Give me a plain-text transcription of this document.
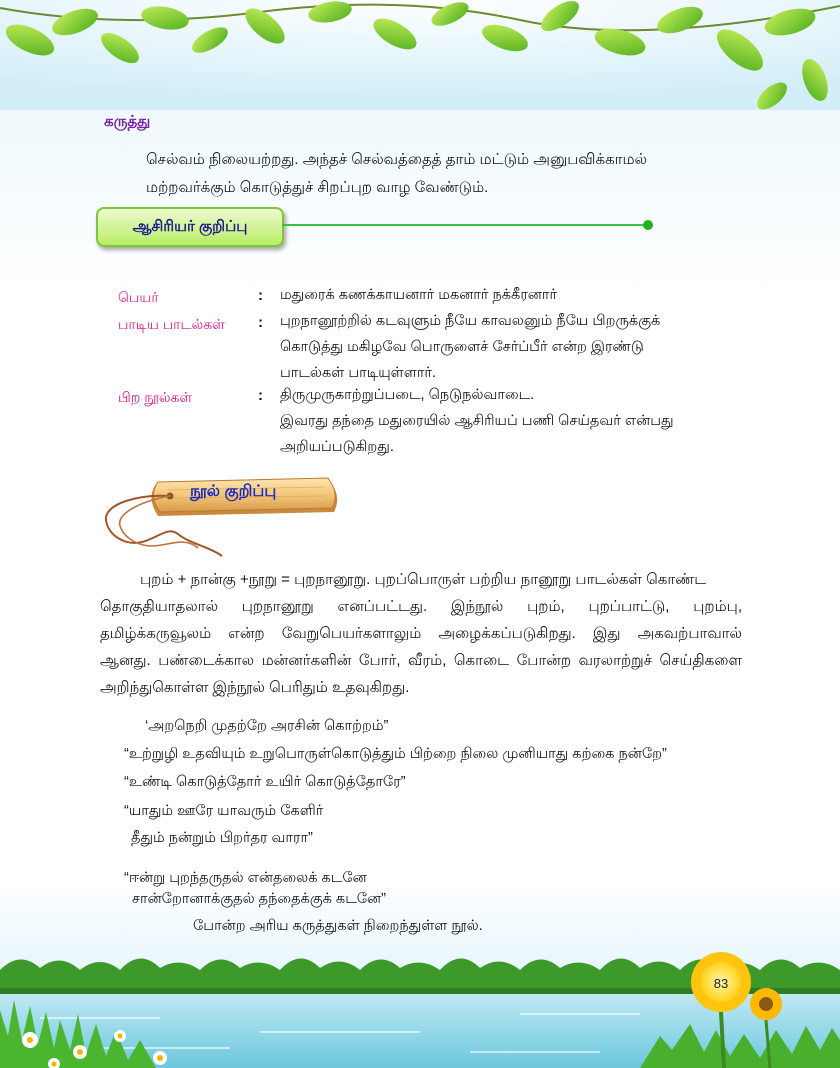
கருத்து
செல்வம் நிலையற்றது. அந்தச் செல்வத்தைத் தாம் மட்டும் அனுபவிக்காமல்
மற்றவர்க்கும் கொடுத்துச் சிறப்புற வாழ வேண்டும்.
ஆசிரியர் குறிப்பு
பெயர்	: மதுரைக் கணக்காயனார் மகனார் நக்கீரனார்
பாடிய பாடல்கள் : புறநானூற்றில் கடவுளும் நீயே காவலனும் நீயே பிறருக்குக்
கொடுத்து மகிழவே பொருளைச் சேர்ப்பீர் என்ற இரண்டு
பாடல்கள் பாடியுள்ளார்.
பிற நூல்கள்	: திருமுருகாற்றுப்படை, நெடுநல்வாடை.
இவரது தந்தை மதுரையில் ஆசிரியப் பணி செய்தவர் என்பது
அறியப்படுகிறது.
நூல் குறிப்பு

புறம் + நான்கு +நூறு = புறநானூறு. புறப்பொருள் பற்றிய நானூறு பாடல்கள் கொண்ட

தொகுதியாதலால் புறநானூறு எனப்பட்டது. இந்நூல் புறம், புறப்பாட்டு, புறம்பு,

தமிழ்க்கருவூலம் என்ற வேறுபெயர்களாலும் அழைக்கப்படுகிறது. இது அகவற்பாவால்

ஆனது. பண்டைக்கால மன்னர்களின் போர், வீரம், கொடை போன்ற வரலாற்றுச் செய்திகளை

அறிந்துகொள்ள இந்நூல் பெரிதும் உதவுகிறது.

‘அறநெறி முதற்றே அரசின் கொற்றம்”
“உற்றுழி உதவியும் உறுபொருள்கொடுத்தும் பிற்றை நிலை முனியாது கற்கை நன்றே”
“உண்டி கொடுத்தோர் உயிர் கொடுத்தோரே”
“யாதும் ஊரே யாவரும் கேளிர்
தீதும் நன்றும் பிறர்தர வாரா”
“ஈன்று புறந்தருதல் என்தலைக் கடனே
சான்றோனாக்குதல் தந்தைக்குக் கடனே”
போன்ற அரிய கருத்துகள் நிறைந்துள்ள நூல்.
83
